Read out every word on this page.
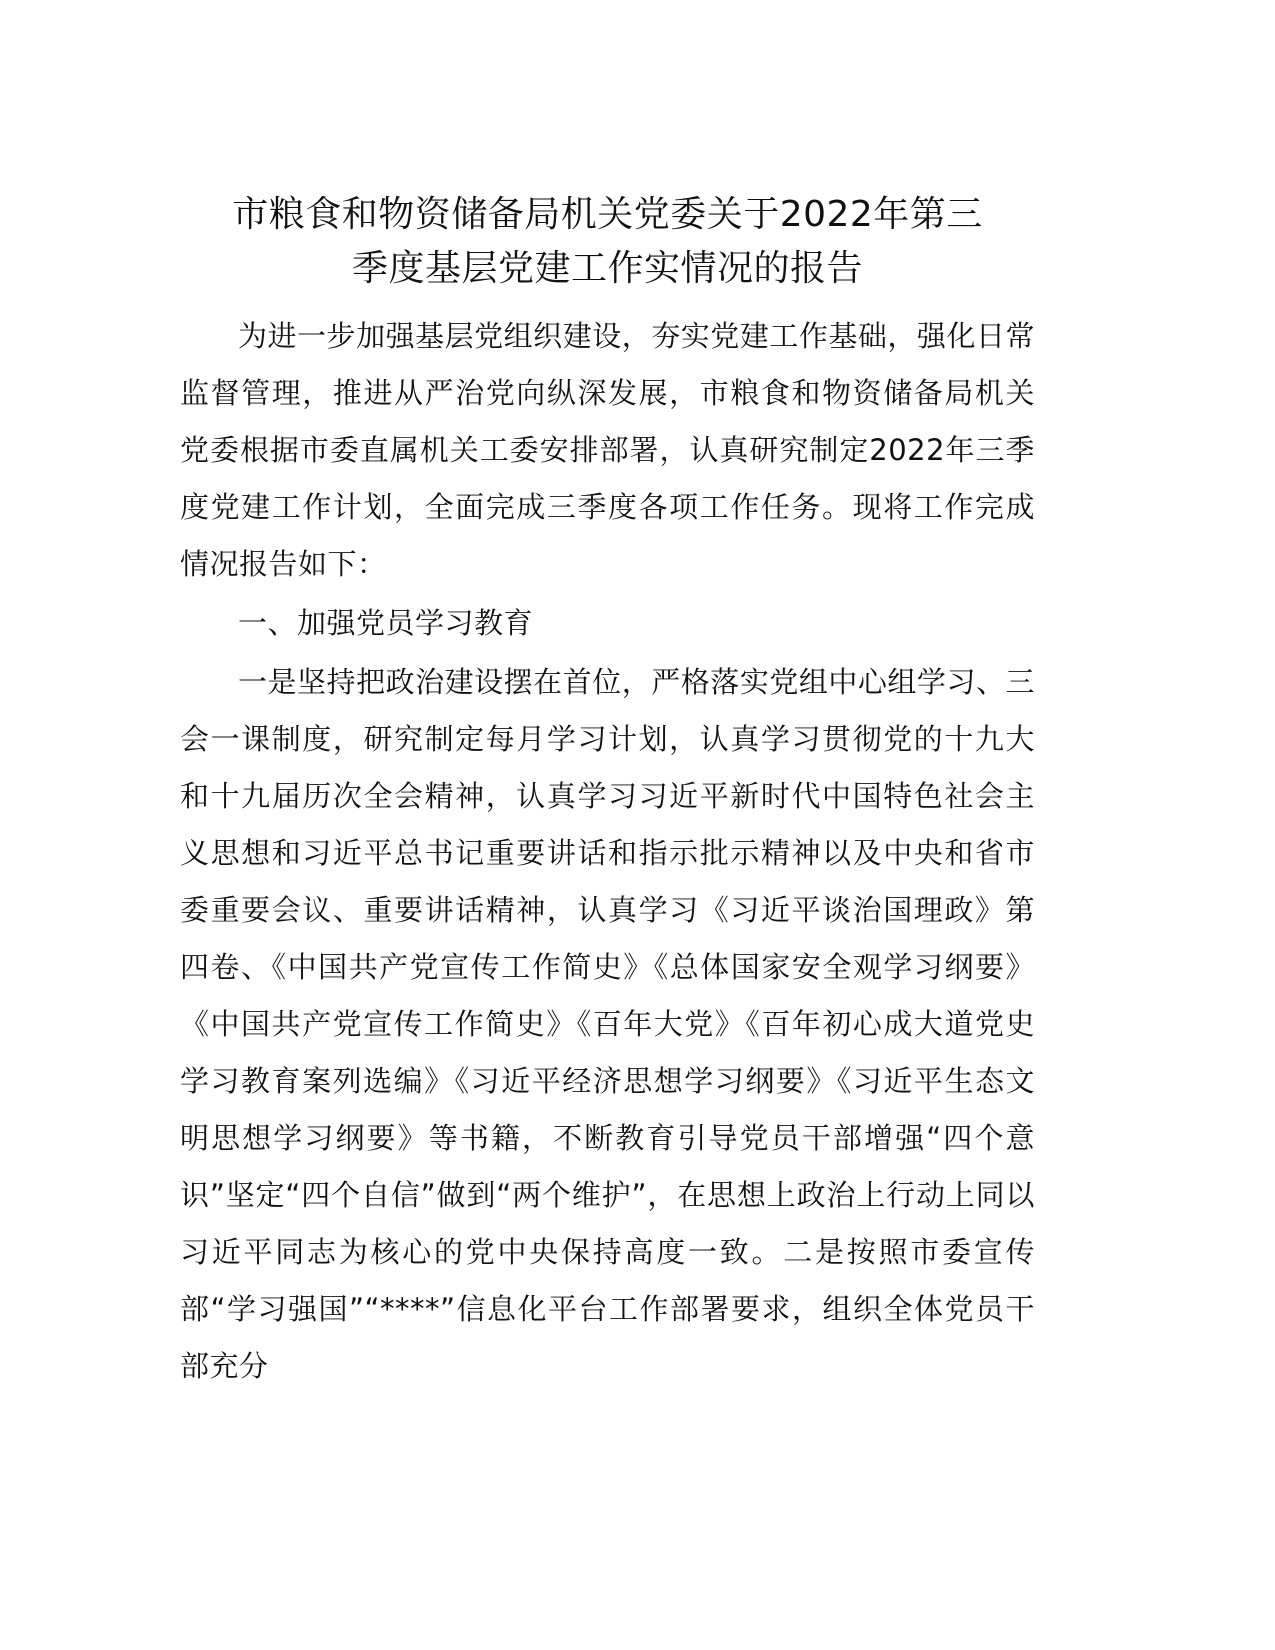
市粮食和物资储备局机关党委关于2022年第三
季度基层党建工作实情况的报告

为进一步加强基层党组织建设，夯实党建工作基础，强化日常监督管理，推进从严治党向纵深发展，市粮食和物资储备局机关党委根据市委直属机关工委安排部署，认真研究制定2022年三季度党建工作计划，全面完成三季度各项工作任务。现将工作完成情况报告如下：

一、加强党员学习教育

一是坚持把政治建设摆在首位，严格落实党组中心组学习、三会一课制度，研究制定每月学习计划，认真学习贯彻党的十九大和十九届历次全会精神，认真学习习近平新时代中国特色社会主义思想和习近平总书记重要讲话和指示批示精神以及中央和省市委重要会议、重要讲话精神，认真学习《习近平谈治国理政》第四卷、《中国共产党宣传工作简史》《总体国家安全观学习纲要》《中国共产党宣传工作简史》《百年大党》《百年初心成大道党史学习教育案列选编》《习近平经济思想学习纲要》《习近平生态文明思想学习纲要》等书籍，不断教育引导党员干部增强“四个意识”坚定“四个自信”做到“两个维护”，在思想上政治上行动上同以习近平同志为核心的党中央保持高度一致。二是按照市委宣传部“学习强国”“****”信息化平台工作部署要求，组织全体党员干部充分
